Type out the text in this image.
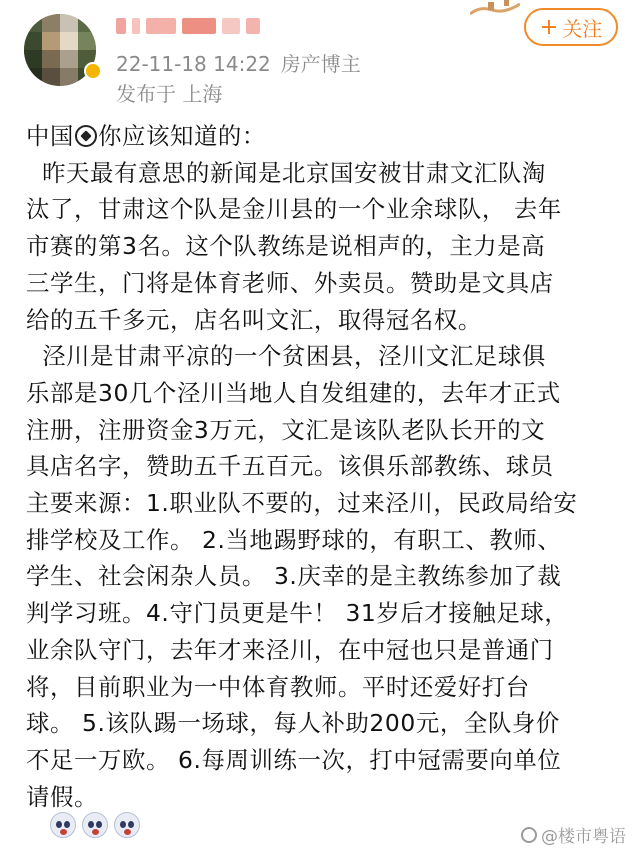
22-11-18 14:22 房产博主
发布于 上海
+ 关注

中国 你应该知道的：

昨天最有意思的新闻是北京国安被甘肃文汇队淘

汰了，甘肃这个队是金川县的一个业余球队， 去年

市赛的第3名。这个队教练是说相声的，主力是高

三学生，门将是体育老师、外卖员。赞助是文具店

给的五千多元，店名叫文汇，取得冠名权。

泾川是甘肃平凉的一个贫困县，泾川文汇足球俱

乐部是30几个泾川当地人自发组建的，去年才正式

注册，注册资金3万元，文汇是该队老队长开的文

具店名字，赞助五千五百元。该俱乐部教练、球员

主要来源：1.职业队不要的，过来泾川，民政局给安

排学校及工作。 2.当地踢野球的，有职工、教师、

学生、社会闲杂人员。 3.庆幸的是主教练参加了裁

判学习班。4.守门员更是牛！ 31岁后才接触足球，

业余队守门，去年才来泾川，在中冠也只是普通门

将，目前职业为一中体育教师。平时还爱好打台

球。 5.该队踢一场球，每人补助200元，全队身价

不足一万欧。 6.每周训练一次，打中冠需要向单位

请假。

@楼市粤语
